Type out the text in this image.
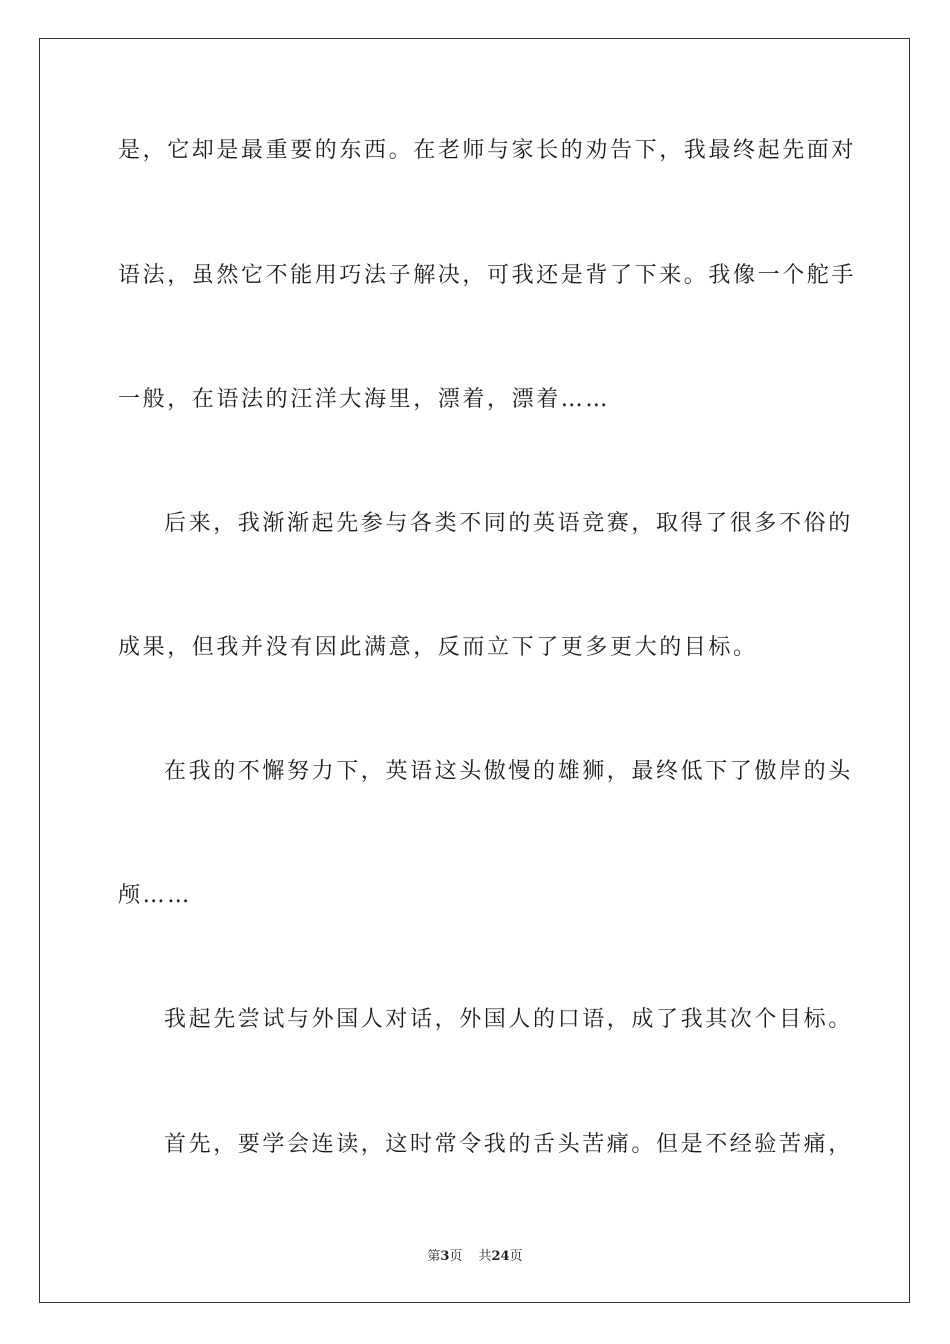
是，它却是最重要的东西。在老师与家长的劝告下，我最终起先面对
语法，虽然它不能用巧法子解决，可我还是背了下来。我像一个舵手
一般，在语法的汪洋大海里，漂着，漂着……
后来，我渐渐起先参与各类不同的英语竞赛，取得了很多不俗的
成果，但我并没有因此满意，反而立下了更多更大的目标。
在我的不懈努力下，英语这头傲慢的雄狮，最终低下了傲岸的头
颅……
我起先尝试与外国人对话，外国人的口语，成了我其次个目标。
首先，要学会连读，这时常令我的舌头苦痛。但是不经验苦痛，
第3页 共24页
